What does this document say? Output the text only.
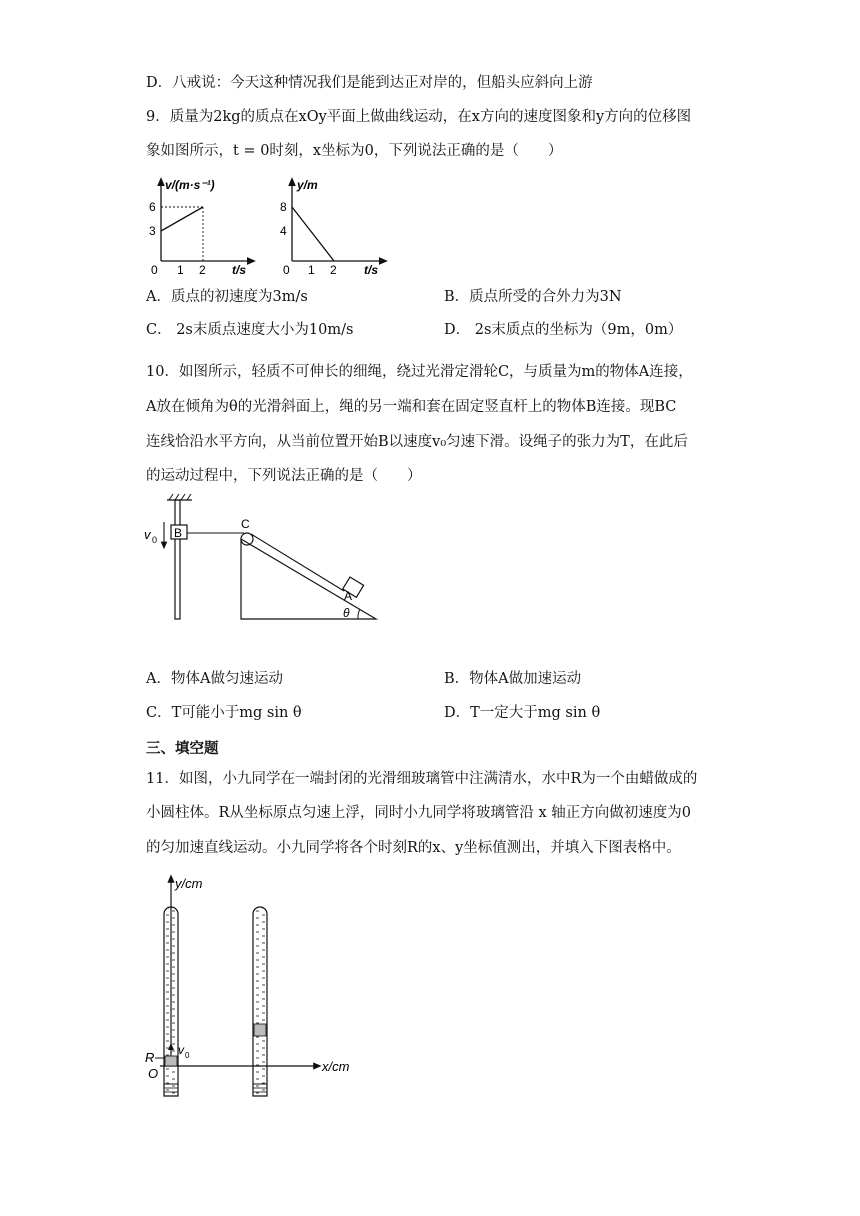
D．八戒说：今天这种情况我们是能到达正对岸的，但船头应斜向上游
9．质量为2kg的质点在xOy平面上做曲线运动，在x方向的速度图象和y方向的位移图
象如图所示，t = 0时刻，x坐标为0，下列说法正确的是（　　）
v/(m·s⁻¹)
6
3
0 1 2 t/s
y/m
8
4
0 1 2 t/s
A．质点的初速度为3m/s	B．质点所受的合外力为3N
C． 2s末质点速度大小为10m/s	D． 2s末质点的坐标为（9m，0m）
10．如图所示，轻质不可伸长的细绳，绕过光滑定滑轮C，与质量为m的物体A连接，
A放在倾角为θ的光滑斜面上，绳的另一端和套在固定竖直杆上的物体B连接。现BC
连线恰沿水平方向，从当前位置开始B以速度v₀匀速下滑。设绳子的张力为T，在此后
的运动过程中，下列说法正确的是（　　）
B
v 0
C
A
θ
A．物体A做匀速运动	B．物体A做加速运动
C．T可能小于mg sin θ	D．T一定大于mg sin θ
三、填空题
11．如图，小九同学在一端封闭的光滑细玻璃管中注满清水，水中R为一个由蜡做成的
小圆柱体。R从坐标原点匀速上浮，同时小九同学将玻璃管沿 x 轴正方向做初速度为0
的匀加速直线运动。小九同学将各个时刻R的x、y坐标值测出，并填入下图表格中。
y/cm
x/cm
v 0
R
O
